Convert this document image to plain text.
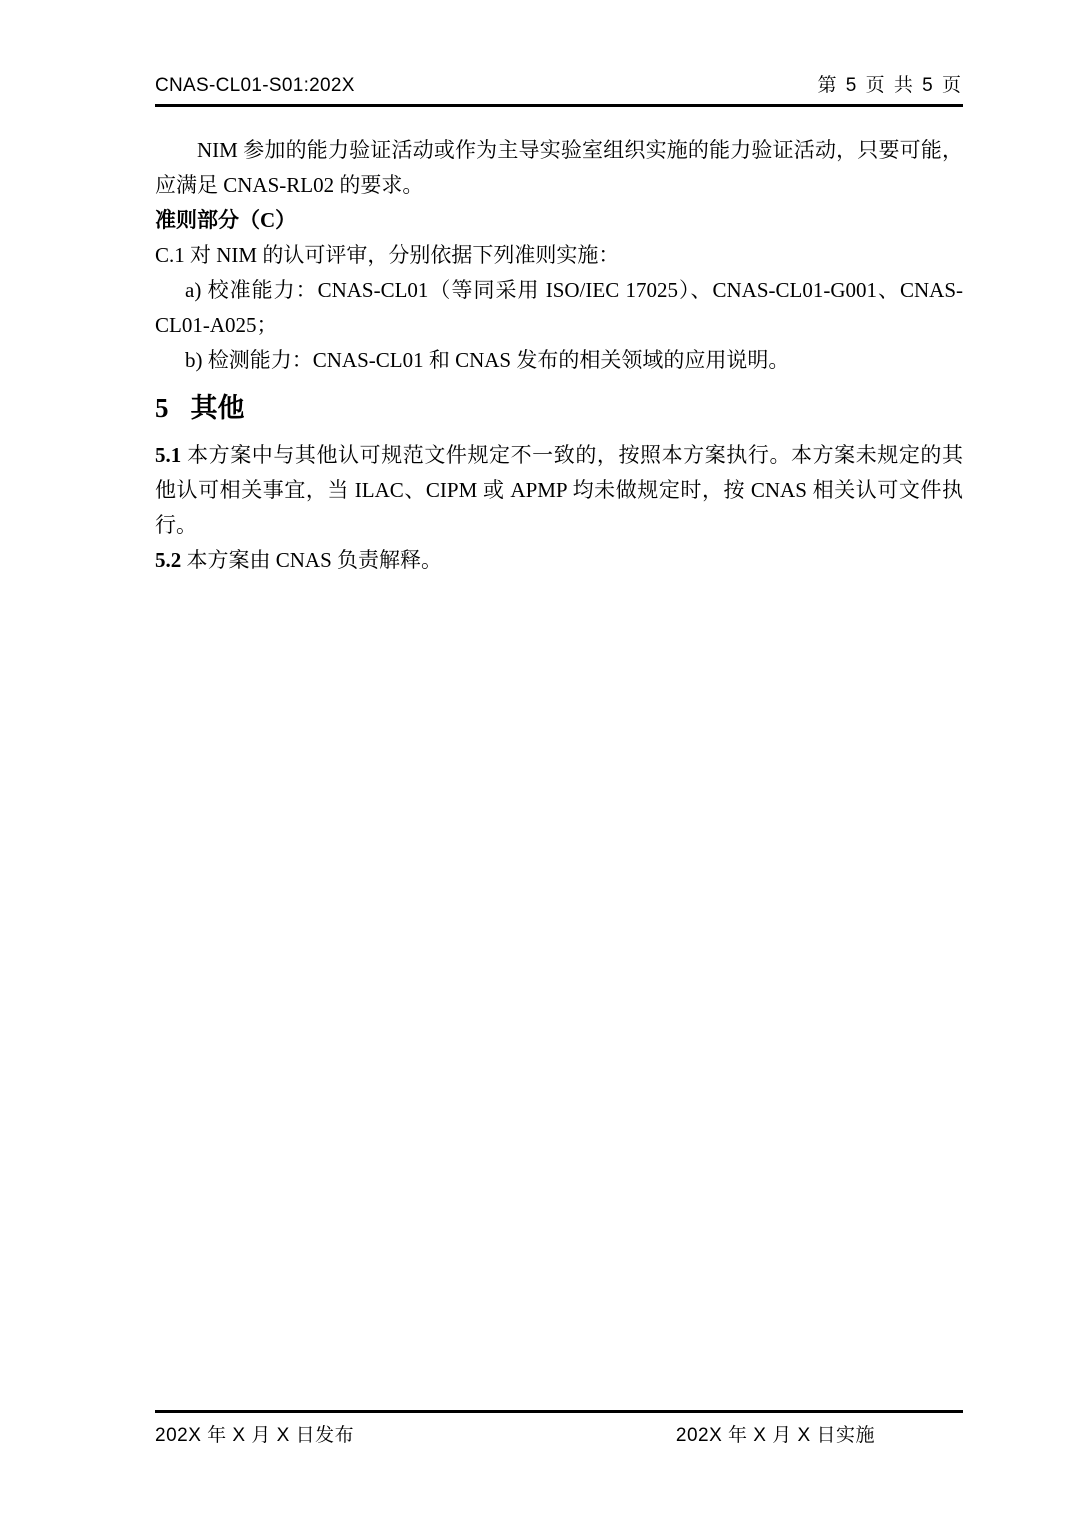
CNAS-CL01-S01:202X	第 5 页 共 5 页

NIM 参加的能力验证活动或作为主导实验室组织实施的能力验证活动，只要可能，应满足 CNAS-RL02 的要求。

准则部分（C）

C.1 对 NIM 的认可评审，分别依据下列准则实施：

a) 校准能力：CNAS-CL01（等同采用 ISO/IEC 17025）、CNAS-CL01-G001、CNAS-CL01-A025；

b) 检测能力：CNAS-CL01 和 CNAS 发布的相关领域的应用说明。

5 其他

5.1 本方案中与其他认可规范文件规定不一致的，按照本方案执行。本方案未规定的其他认可相关事宜，当 ILAC、CIPM 或 APMP 均未做规定时，按 CNAS 相关认可文件执行。

5.2 本方案由 CNAS 负责解释。

202X 年 X 月 X 日发布	202X 年 X 月 X 日实施
